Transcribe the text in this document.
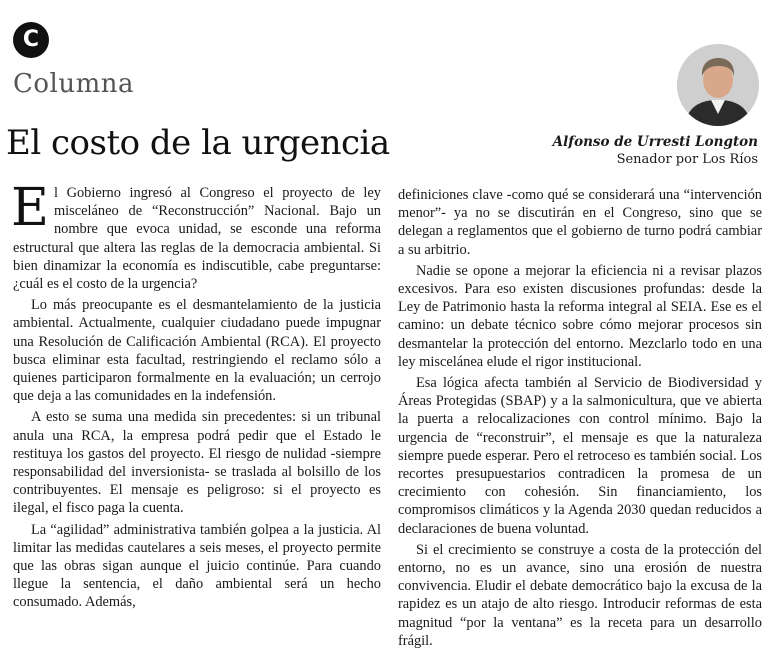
C
Columna
El costo de la urgencia	Alfonso de Urresti Longton
Senador por Los Ríos

El Gobierno ingresó al Congreso el proyecto de ley misceláneo de “Reconstrucción” Nacional. Bajo un nombre que evoca unidad, se esconde una reforma estructural que altera las reglas de la democracia ambiental. Si bien dinamizar la economía es indiscutible, cabe preguntarse: ¿cuál es el costo de la urgencia?

Lo más preocupante es el desmantelamiento de la justicia ambiental. Actualmente, cualquier ciudadano puede impugnar una Resolución de Calificación Ambiental (RCA). El proyecto busca eliminar esta facultad, restringiendo el reclamo sólo a quienes participaron formalmente en la evaluación; un cerrojo que deja a las comunidades en la indefensión.

A esto se suma una medida sin precedentes: si un tribunal anula una RCA, la empresa podrá pedir que el Estado le restituya los gastos del proyecto. El riesgo de nulidad -siempre responsabilidad del inversionista- se traslada al bolsillo de los contribuyentes. El mensaje es peligroso: si el proyecto es ilegal, el fisco paga la cuenta.

La “agilidad” administrativa también golpea a la justicia. Al limitar las medidas cautelares a seis meses, el proyecto permite que las obras sigan aunque el juicio continúe. Para cuando llegue la sentencia, el daño ambiental será un hecho consumado. Además,

definiciones clave -como qué se considerará una “intervención menor”- ya no se discutirán en el Congreso, sino que se delegan a reglamentos que el gobierno de turno podrá cambiar a su arbitrio.

Nadie se opone a mejorar la eficiencia ni a revisar plazos excesivos. Para eso existen discusiones profundas: desde la Ley de Patrimonio hasta la reforma integral al SEIA. Ese es el camino: un debate técnico sobre cómo mejorar procesos sin desmantelar la protección del entorno. Mezclarlo todo en una ley miscelánea elude el rigor institucional.

Esa lógica afecta también al Servicio de Biodiversidad y Áreas Protegidas (SBAP) y a la salmonicultura, que ve abierta la puerta a relocalizaciones con control mínimo. Bajo la urgencia de “reconstruir”, el mensaje es que la naturaleza siempre puede esperar. Pero el retroceso es también social. Los recortes presupuestarios contradicen la promesa de un crecimiento con cohesión. Sin financiamiento, los compromisos climáticos y la Agenda 2030 quedan reducidos a declaraciones de buena voluntad.

Si el crecimiento se construye a costa de la protección del entorno, no es un avance, sino una erosión de nuestra convivencia. Eludir el debate democrático bajo la excusa de la rapidez es un atajo de alto riesgo. Introducir reformas de esta magnitud “por la ventana” es la receta para un desarrollo frágil.
